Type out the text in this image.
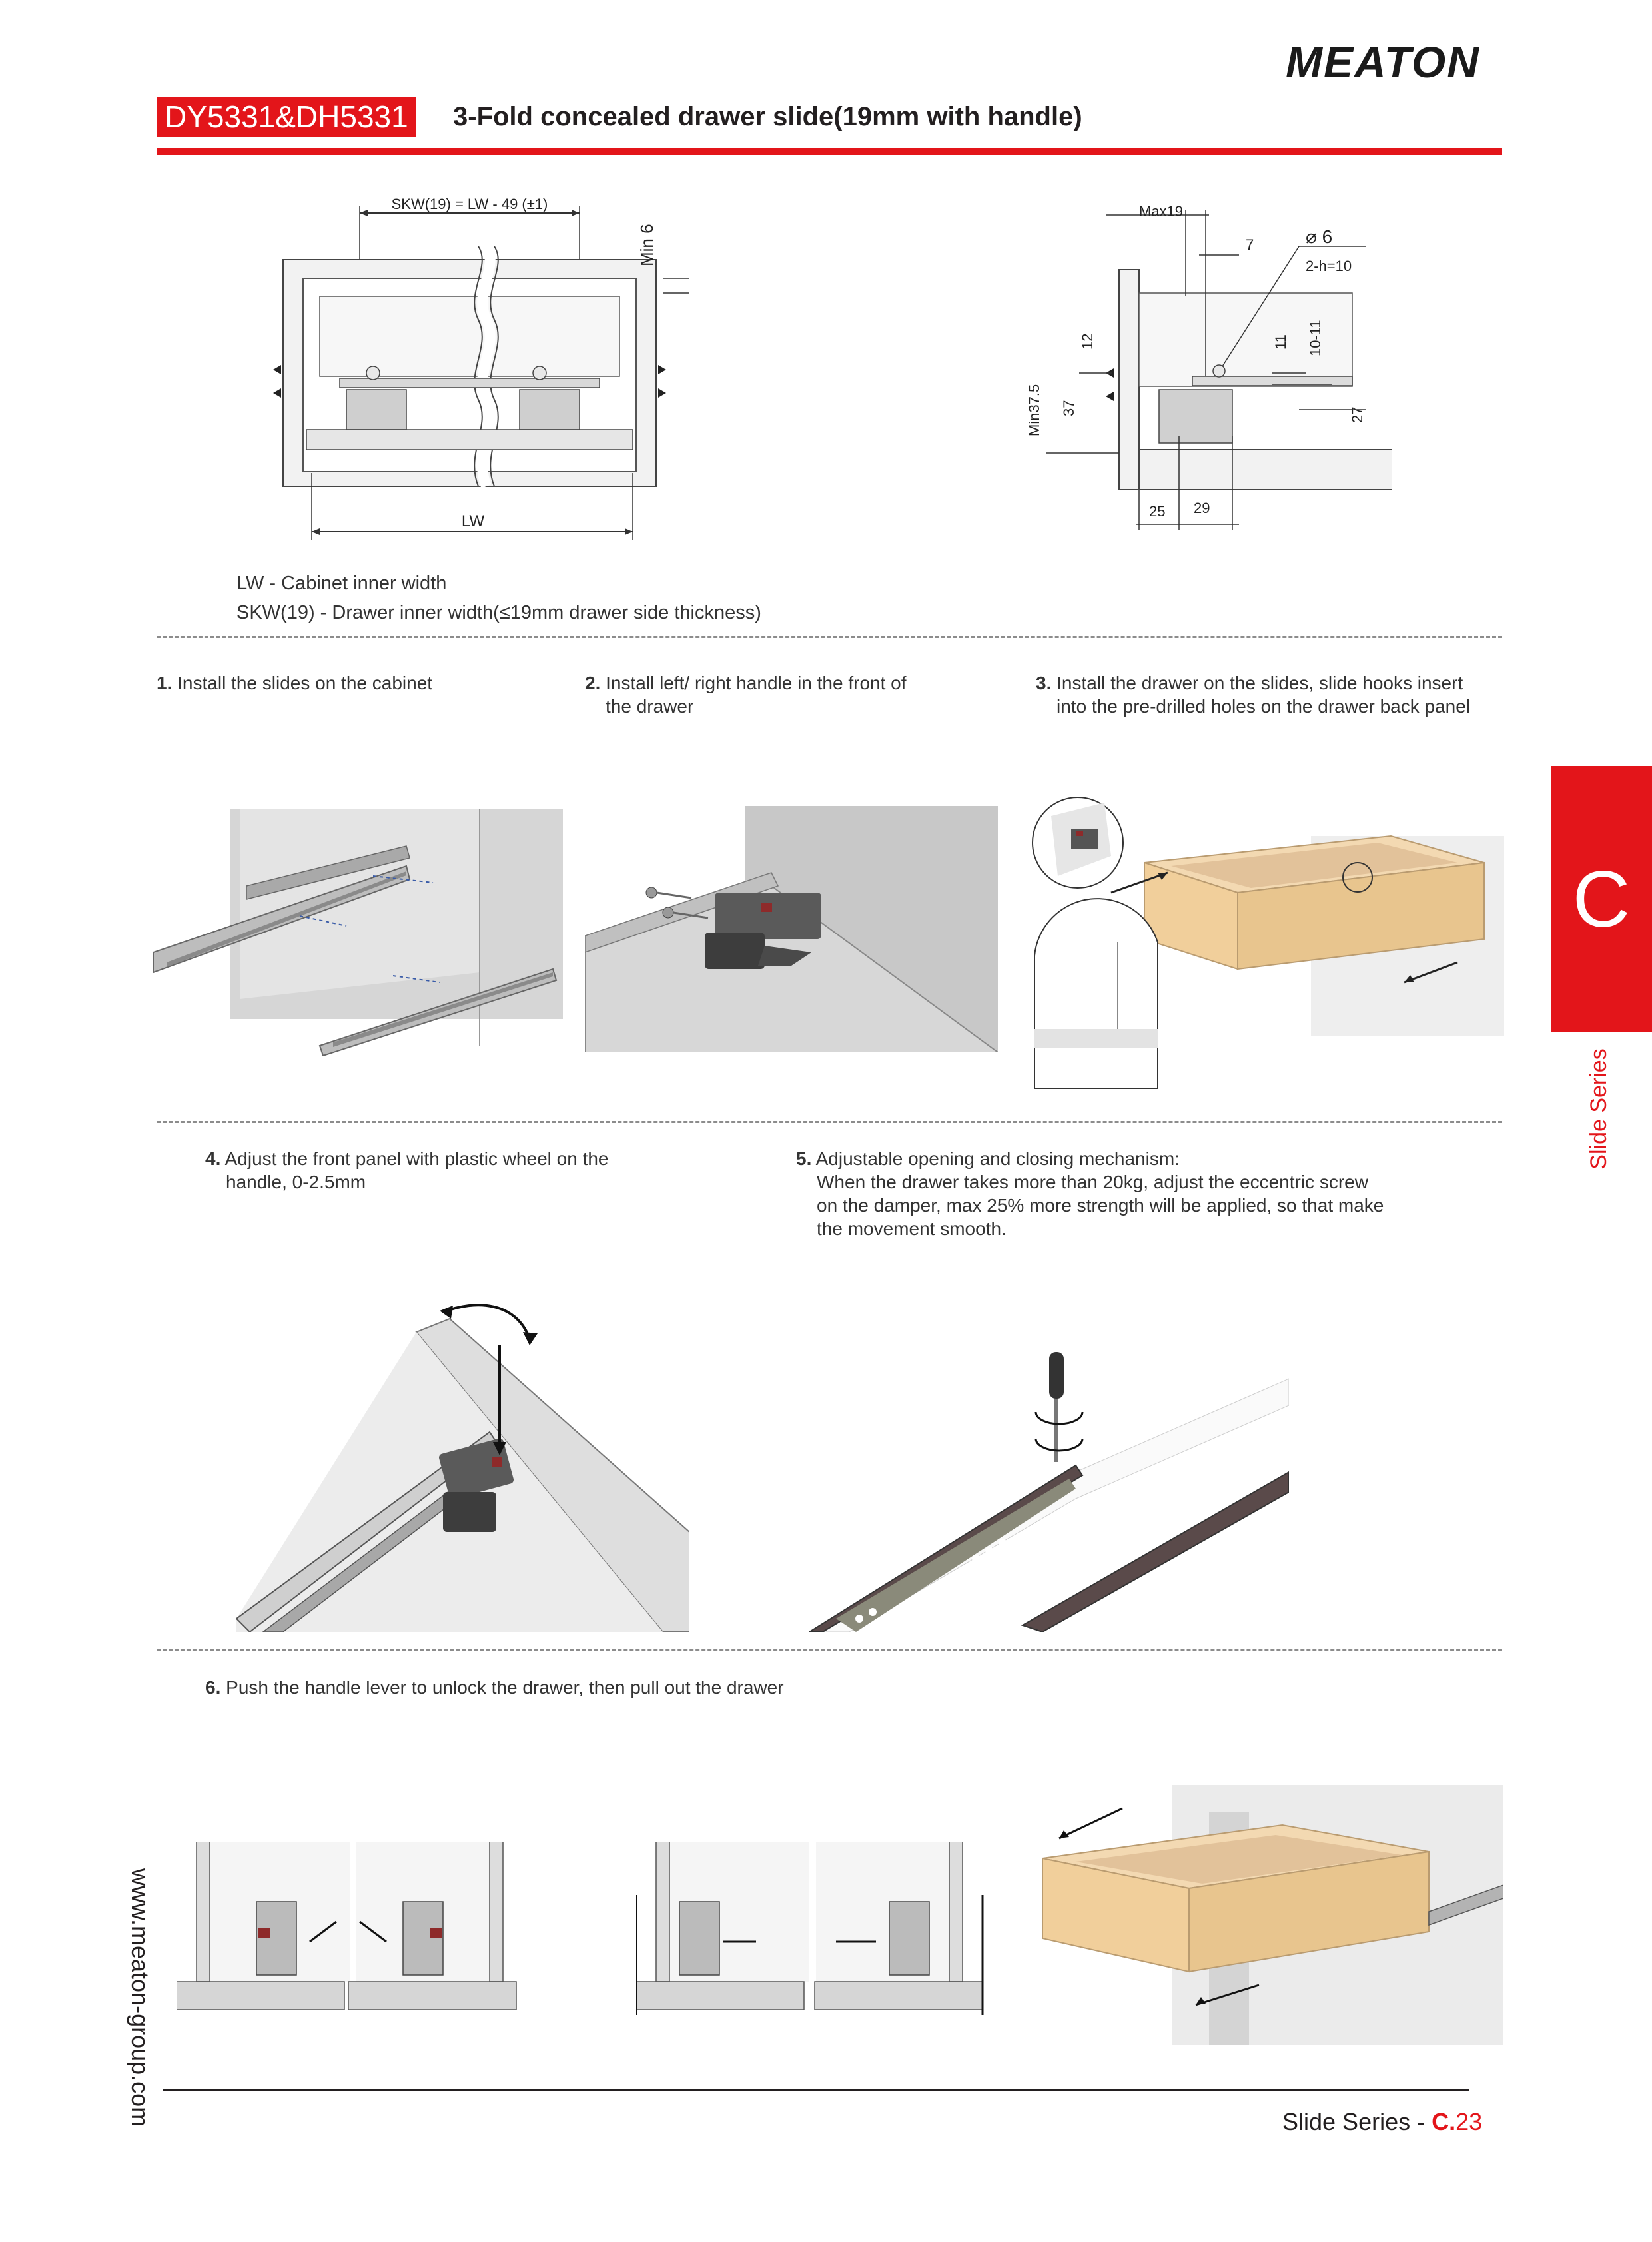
MEATON
DY5331&DH5331	3-Fold concealed drawer slide(19mm with handle)
SKW(19) = LW - 49 (±1)
Min 6
LW
Max19
7	⌀ 6
2-h=10
12	11 10-11
Min37.5 37	27
25 29
LW - Cabinet inner width
SKW(19) - Drawer inner width(≤19mm drawer side thickness)
1. Install the slides on the cabinet	2. Install left/ right handle in the front of
the drawer
3. Install the drawer on the slides, slide hooks insert
into the pre-drilled holes on the drawer back panel
4. Adjust the front panel with plastic wheel on the
handle, 0-2.5mm
5. Adjustable opening and closing mechanism:
When the drawer takes more than 20kg, adjust the eccentric screw
on the damper, max 25% more strength will be applied, so that make
the movement smooth.
6. Push the handle lever to unlock the drawer, then pull out the drawer
C
Slide Series
www.meaton-group.com	Slide Series - C.23
